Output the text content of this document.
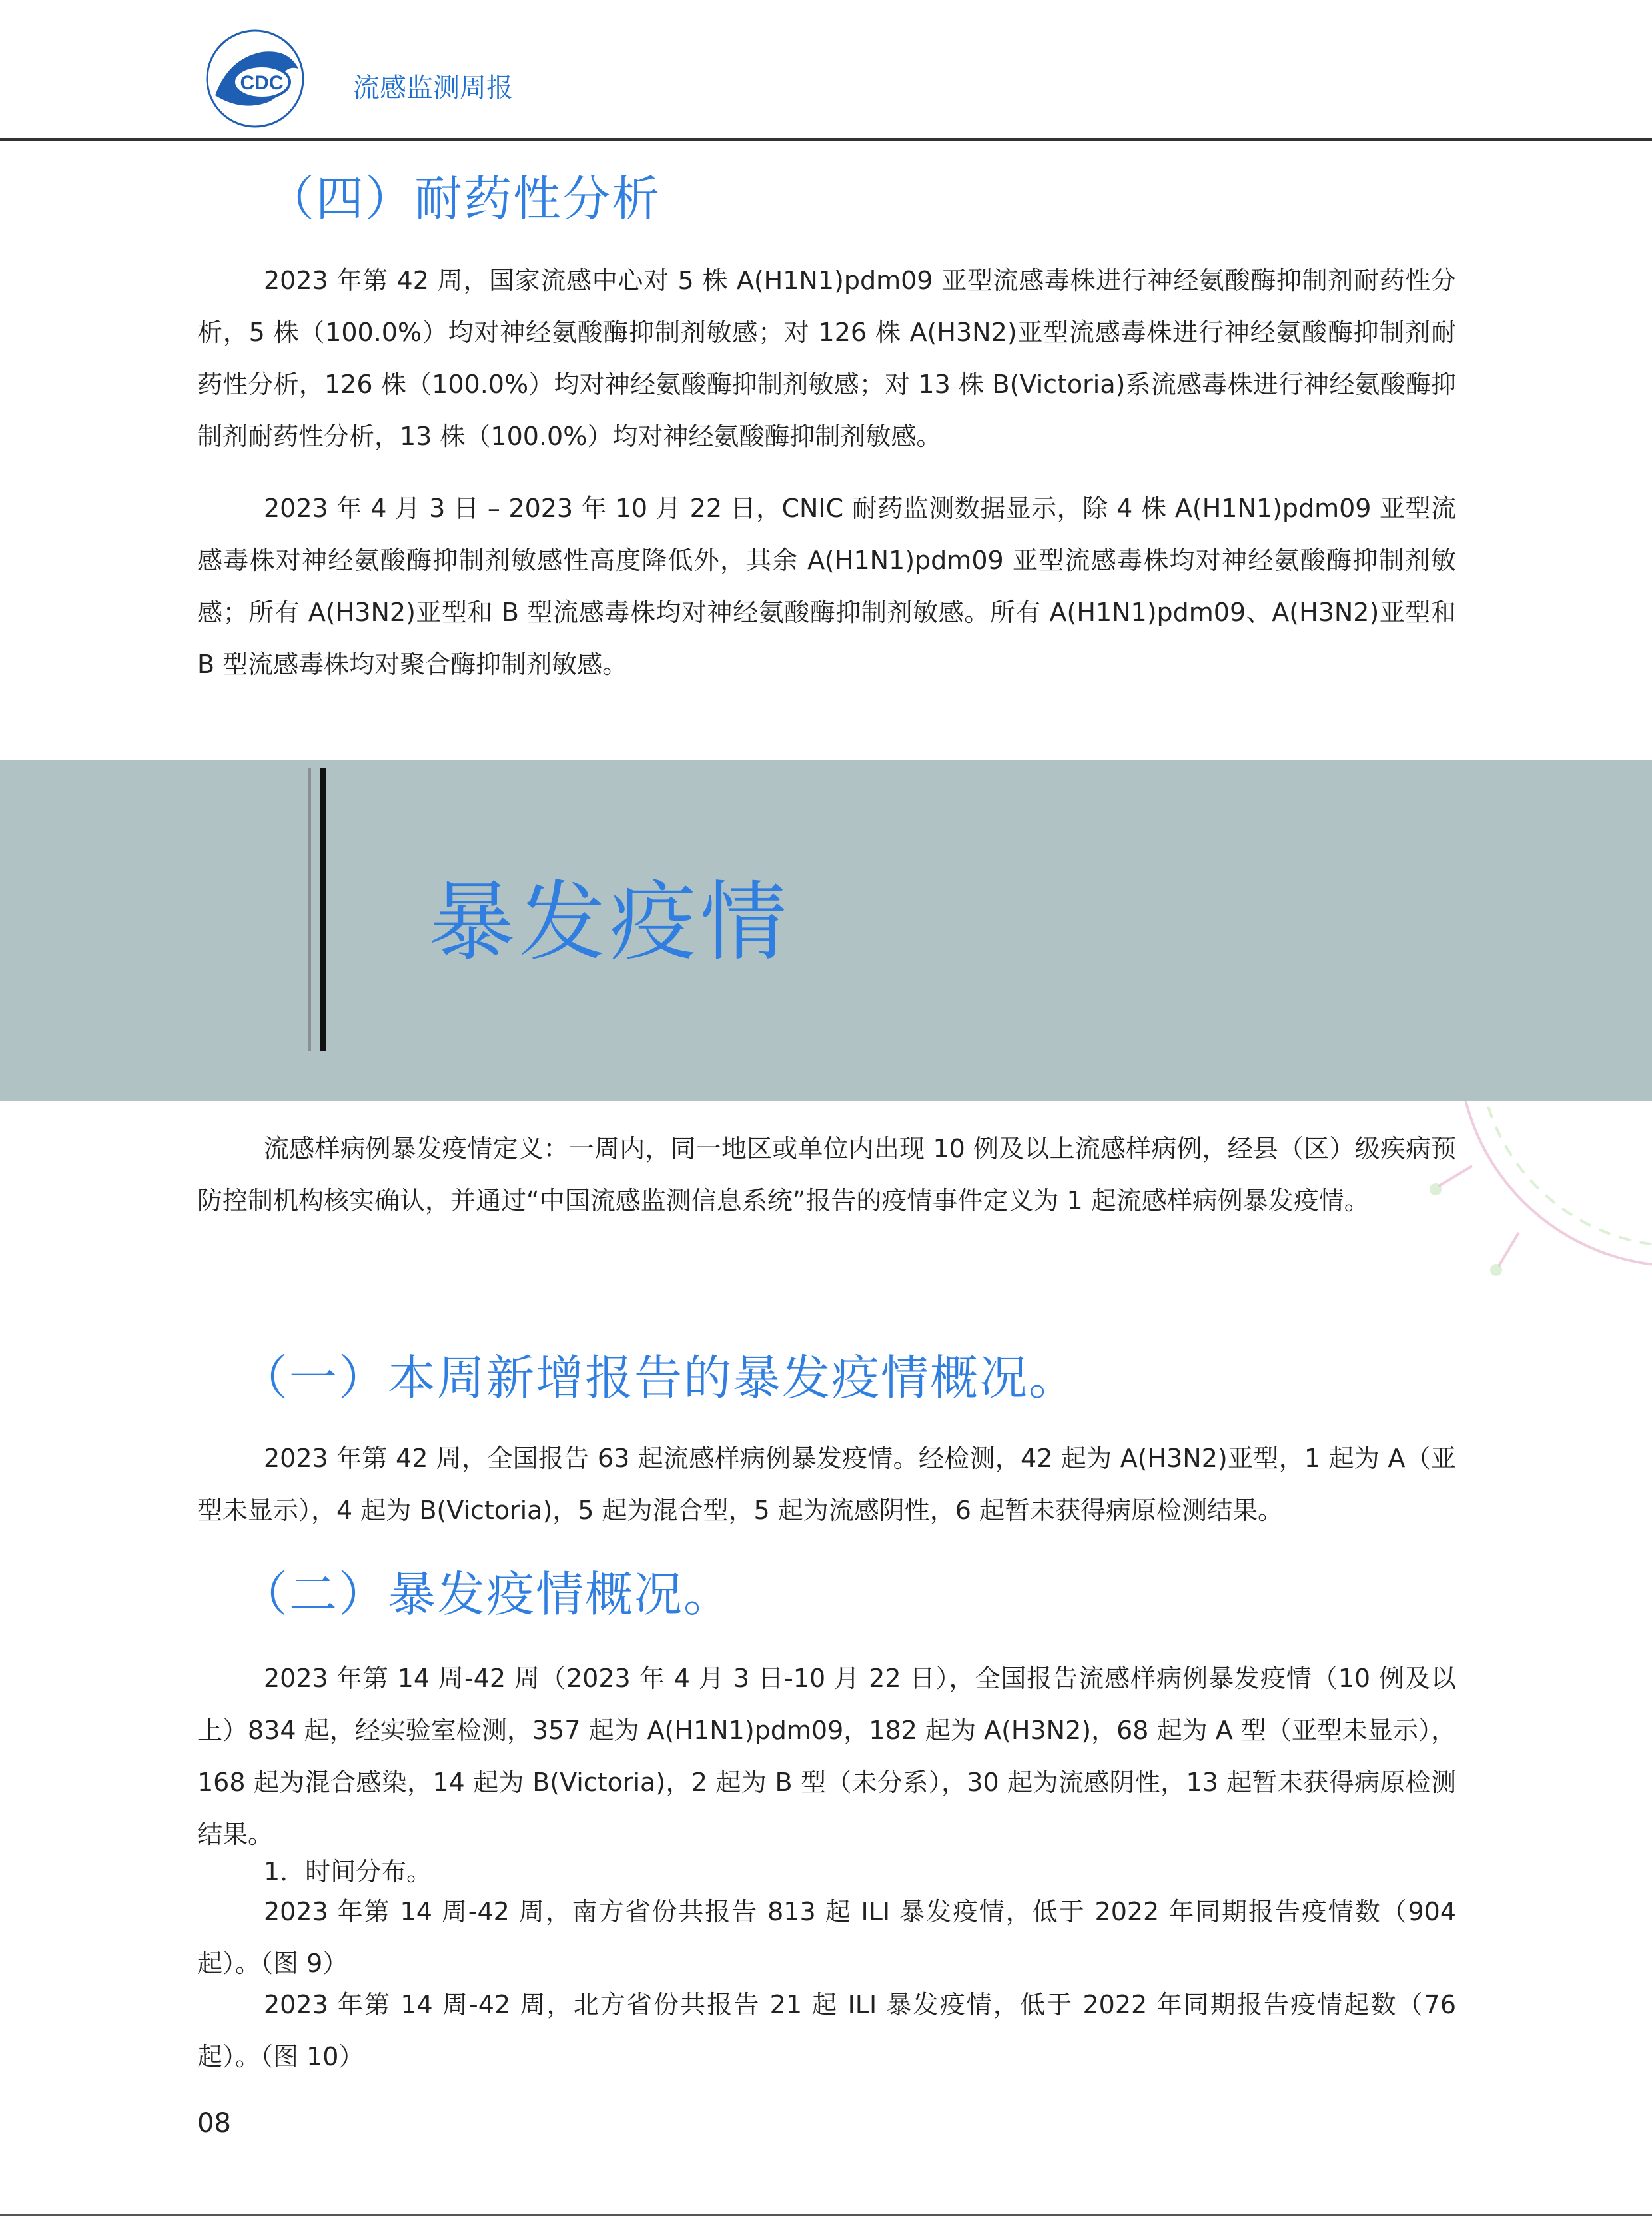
CDC	流感监测周报
（四）耐药性分析

2023 年第 42 周，国家流感中心对 5 株 A(H1N1)pdm09 亚型流感毒株进行神经氨酸酶抑制剂耐药性分析，5 株（100.0%）均对神经氨酸酶抑制剂敏感；对 126 株 A(H3N2)亚型流感毒株进行神经氨酸酶抑制剂耐药性分析，126 株（100.0%）均对神经氨酸酶抑制剂敏感；对 13 株 B(Victoria)系流感毒株进行神经氨酸酶抑制剂耐药性分析，13 株（100.0%）均对神经氨酸酶抑制剂敏感。

2023 年 4 月 3 日 – 2023 年 10 月 22 日，CNIC 耐药监测数据显示，除 4 株 A(H1N1)pdm09 亚型流感毒株对神经氨酸酶抑制剂敏感性高度降低外，其余 A(H1N1)pdm09 亚型流感毒株均对神经氨酸酶抑制剂敏感；所有 A(H3N2)亚型和 B 型流感毒株均对神经氨酸酶抑制剂敏感。所有 A(H1N1)pdm09、A(H3N2)亚型和 B 型流感毒株均对聚合酶抑制剂敏感。

暴发疫情

流感样病例暴发疫情定义：一周内，同一地区或单位内出现 10 例及以上流感样病例，经县（区）级疾病预防控制机构核实确认，并通过“中国流感监测信息系统”报告的疫情事件定义为 1 起流感样病例暴发疫情。

（一）本周新增报告的暴发疫情概况。

2023 年第 42 周，全国报告 63 起流感样病例暴发疫情。经检测，42 起为 A(H3N2)亚型，1 起为 A（亚型未显示），4 起为 B(Victoria)，5 起为混合型，5 起为流感阴性，6 起暂未获得病原检测结果。

（二）暴发疫情概况。

2023 年第 14 周-42 周（2023 年 4 月 3 日-10 月 22 日），全国报告流感样病例暴发疫情（10 例及以上）834 起，经实验室检测，357 起为 A(H1N1)pdm09，182 起为 A(H3N2)，68 起为 A 型（亚型未显示），168 起为混合感染，14 起为 B(Victoria)，2 起为 B 型（未分系），30 起为流感阴性，13 起暂未获得病原检测结果。

1．时间分布。

2023 年第 14 周-42 周，南方省份共报告 813 起 ILI 暴发疫情，低于 2022 年同期报告疫情数（904 起）。（图 9）

2023 年第 14 周-42 周，北方省份共报告 21 起 ILI 暴发疫情，低于 2022 年同期报告疫情起数（76 起）。（图 10）

08
